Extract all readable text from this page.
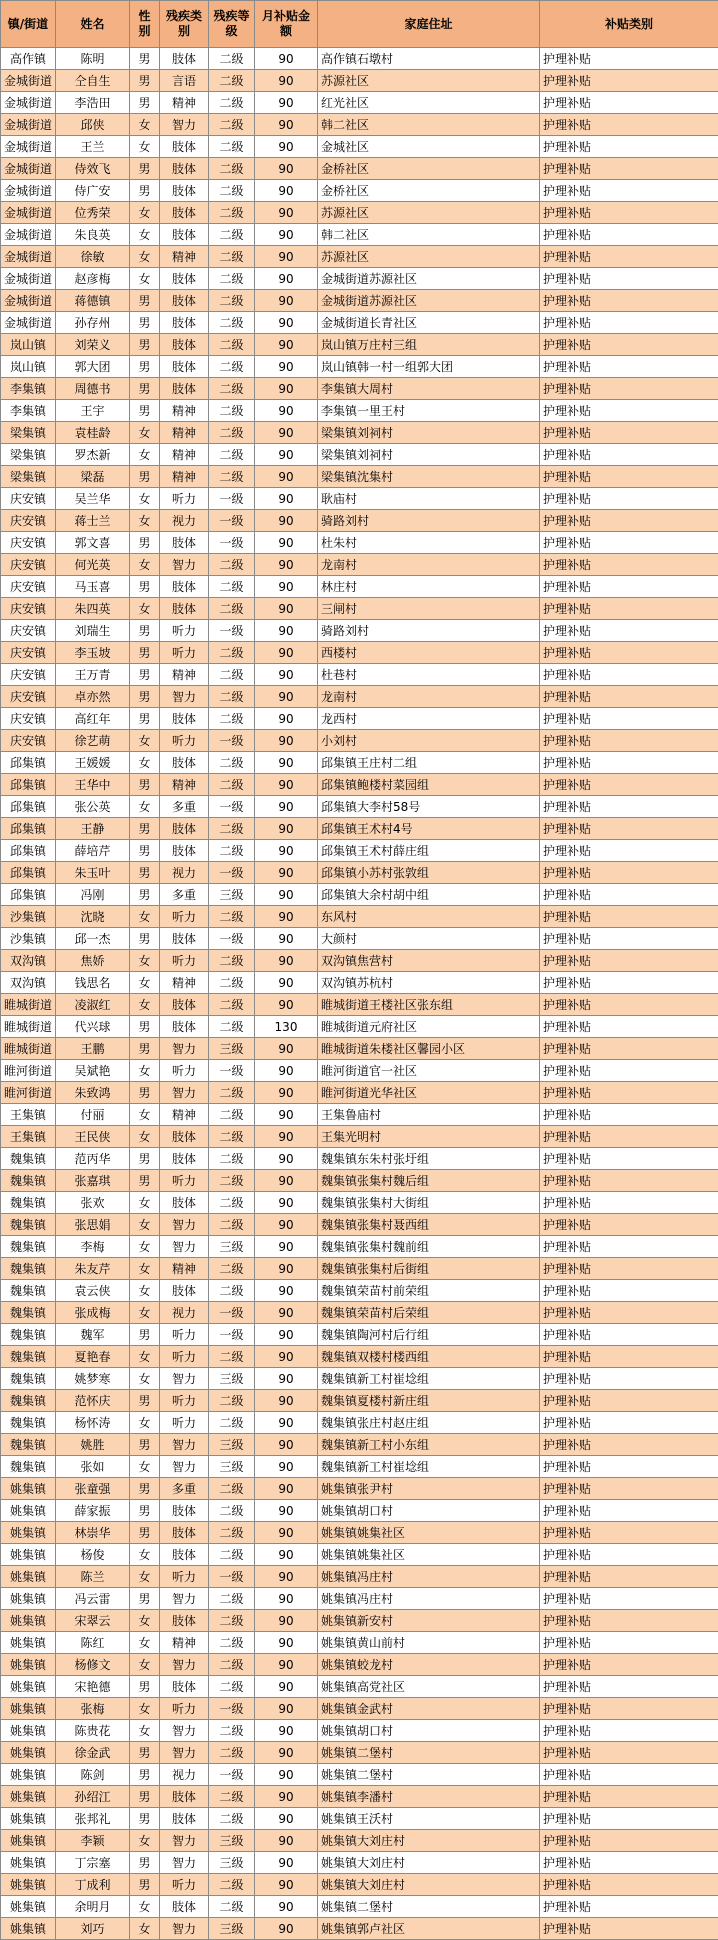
镇/街道	姓名	性别	残疾类别	残疾等级	月补贴金额	家庭住址	补贴类别
高作镇	陈明	男	肢体	二级	90	高作镇石墩村	护理补贴
金城街道	仝自生	男	言语	二级	90	苏源社区	护理补贴
金城街道	李浩田	男	精神	二级	90	红光社区	护理补贴
金城街道	邱侠	女	智力	二级	90	韩二社区	护理补贴
金城街道	王兰	女	肢体	二级	90	金城社区	护理补贴
金城街道	侍效飞	男	肢体	二级	90	金桥社区	护理补贴
金城街道	侍广安	男	肢体	二级	90	金桥社区	护理补贴
金城街道	位秀荣	女	肢体	二级	90	苏源社区	护理补贴
金城街道	朱良英	女	肢体	二级	90	韩二社区	护理补贴
金城街道	徐敏	女	精神	二级	90	苏源社区	护理补贴
金城街道	赵彦梅	女	肢体	二级	90	金城街道苏源社区	护理补贴
金城街道	蒋德镇	男	肢体	二级	90	金城街道苏源社区	护理补贴
金城街道	孙存州	男	肢体	二级	90	金城街道长青社区	护理补贴
岚山镇	刘荣义	男	肢体	二级	90	岚山镇万庄村三组	护理补贴
岚山镇	郭大团	男	肢体	二级	90	岚山镇韩一村一组郭大团	护理补贴
李集镇	周德书	男	肢体	二级	90	李集镇大周村	护理补贴
李集镇	王宇	男	精神	二级	90	李集镇一里王村	护理补贴
梁集镇	袁桂龄	女	精神	二级	90	梁集镇刘祠村	护理补贴
梁集镇	罗杰新	女	精神	二级	90	梁集镇刘祠村	护理补贴
梁集镇	梁磊	男	精神	二级	90	梁集镇沈集村	护理补贴
庆安镇	吴兰华	女	听力	一级	90	耿庙村	护理补贴
庆安镇	蒋士兰	女	视力	一级	90	骑路刘村	护理补贴
庆安镇	郭文喜	男	肢体	一级	90	杜朱村	护理补贴
庆安镇	何光英	女	智力	二级	90	龙南村	护理补贴
庆安镇	马玉喜	男	肢体	二级	90	林庄村	护理补贴
庆安镇	朱四英	女	肢体	二级	90	三闸村	护理补贴
庆安镇	刘瑞生	男	听力	一级	90	骑路刘村	护理补贴
庆安镇	李玉坡	男	听力	二级	90	西楼村	护理补贴
庆安镇	王万青	男	精神	二级	90	杜巷村	护理补贴
庆安镇	卓亦然	男	智力	二级	90	龙南村	护理补贴
庆安镇	高红年	男	肢体	二级	90	龙西村	护理补贴
庆安镇	徐艺萌	女	听力	一级	90	小刘村	护理补贴
邱集镇	王媛媛	女	肢体	二级	90	邱集镇王庄村二组	护理补贴
邱集镇	王华中	男	精神	二级	90	邱集镇鲍楼村菜园组	护理补贴
邱集镇	张公英	女	多重	一级	90	邱集镇大李村58号	护理补贴
邱集镇	王静	男	肢体	二级	90	邱集镇王术村4号	护理补贴
邱集镇	薛培芹	男	肢体	二级	90	邱集镇王术村薛庄组	护理补贴
邱集镇	朱玉叶	男	视力	一级	90	邱集镇小苏村张敦组	护理补贴
邱集镇	冯刚	男	多重	三级	90	邱集镇大余村胡中组	护理补贴
沙集镇	沈晓	女	听力	二级	90	东风村	护理补贴
沙集镇	邱一杰	男	肢体	一级	90	大颜村	护理补贴
双沟镇	焦娇	女	听力	二级	90	双沟镇焦营村	护理补贴
双沟镇	钱思名	女	精神	二级	90	双沟镇苏杭村	护理补贴
睢城街道	凌淑红	女	肢体	二级	90	睢城街道王楼社区张东组	护理补贴
睢城街道	代兴球	男	肢体	二级	130	睢城街道元府社区	护理补贴
睢城街道	王鹏	男	智力	三级	90	睢城街道朱楼社区馨园小区	护理补贴
睢河街道	吴斌艳	女	听力	一级	90	睢河街道官一社区	护理补贴
睢河街道	朱致鸿	男	智力	二级	90	睢河街道光华社区	护理补贴
王集镇	付丽	女	精神	二级	90	王集鲁庙村	护理补贴
王集镇	王民侠	女	肢体	二级	90	王集光明村	护理补贴
魏集镇	范丙华	男	肢体	二级	90	魏集镇东朱村张圩组	护理补贴
魏集镇	张嘉琪	男	听力	二级	90	魏集镇张集村魏后组	护理补贴
魏集镇	张欢	女	肢体	二级	90	魏集镇张集村大街组	护理补贴
魏集镇	张思娟	女	智力	二级	90	魏集镇张集村聂西组	护理补贴
魏集镇	李梅	女	智力	三级	90	魏集镇张集村魏前组	护理补贴
魏集镇	朱友芹	女	精神	二级	90	魏集镇张集村后街组	护理补贴
魏集镇	袁云侠	女	肢体	二级	90	魏集镇荣苗村前荣组	护理补贴
魏集镇	张成梅	女	视力	一级	90	魏集镇荣苗村后荣组	护理补贴
魏集镇	魏军	男	听力	一级	90	魏集镇陶河村后行组	护理补贴
魏集镇	夏艳春	女	听力	二级	90	魏集镇双楼村楼西组	护理补贴
魏集镇	姚梦寒	女	智力	三级	90	魏集镇新工村崔埝组	护理补贴
魏集镇	范怀庆	男	听力	二级	90	魏集镇夏楼村新庄组	护理补贴
魏集镇	杨怀涛	女	听力	二级	90	魏集镇张庄村赵庄组	护理补贴
魏集镇	姚胜	男	智力	三级	90	魏集镇新工村小东组	护理补贴
魏集镇	张如	女	智力	三级	90	魏集镇新工村崔埝组	护理补贴
姚集镇	张童强	男	多重	二级	90	姚集镇张尹村	护理补贴
姚集镇	薛家振	男	肢体	二级	90	姚集镇胡口村	护理补贴
姚集镇	林崇华	男	肢体	二级	90	姚集镇姚集社区	护理补贴
姚集镇	杨俊	女	肢体	二级	90	姚集镇姚集社区	护理补贴
姚集镇	陈兰	女	听力	一级	90	姚集镇冯庄村	护理补贴
姚集镇	冯云雷	男	智力	二级	90	姚集镇冯庄村	护理补贴
姚集镇	宋翠云	女	肢体	二级	90	姚集镇新安村	护理补贴
姚集镇	陈红	女	精神	二级	90	姚集镇黄山前村	护理补贴
姚集镇	杨修文	女	智力	二级	90	姚集镇蛟龙村	护理补贴
姚集镇	宋艳德	男	肢体	二级	90	姚集镇高党社区	护理补贴
姚集镇	张梅	女	听力	一级	90	姚集镇金武村	护理补贴
姚集镇	陈贵花	女	智力	二级	90	姚集镇胡口村	护理补贴
姚集镇	徐金武	男	智力	二级	90	姚集镇二堡村	护理补贴
姚集镇	陈剑	男	视力	一级	90	姚集镇二堡村	护理补贴
姚集镇	孙绍江	男	肢体	二级	90	姚集镇李潘村	护理补贴
姚集镇	张邦礼	男	肢体	二级	90	姚集镇王沃村	护理补贴
姚集镇	李颖	女	智力	三级	90	姚集镇大刘庄村	护理补贴
姚集镇	丁宗塞	男	智力	三级	90	姚集镇大刘庄村	护理补贴
姚集镇	丁成利	男	听力	二级	90	姚集镇大刘庄村	护理补贴
姚集镇	余明月	女	肢体	二级	90	姚集镇二堡村	护理补贴
姚集镇	刘巧	女	智力	三级	90	姚集镇郭卢社区	护理补贴
